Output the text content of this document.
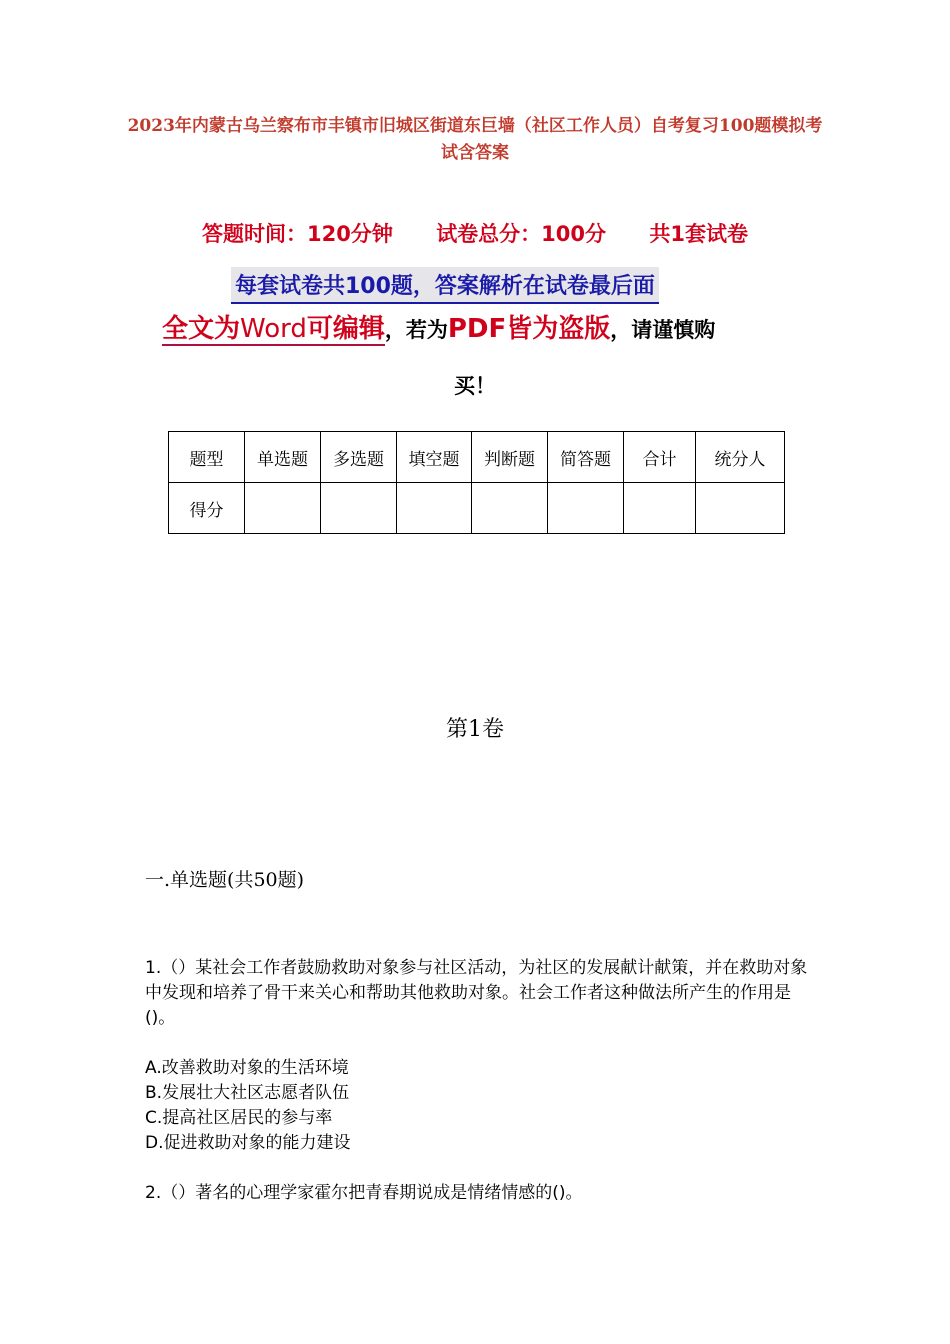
2023年内蒙古乌兰察布市丰镇市旧城区街道东巨墙（社区工作人员）自考复习100题模拟考试含答案
答题时间：120分钟 试卷总分：100分 共1套试卷
每套试卷共100题，答案解析在试卷最后面
全文为Word可编辑，若为PDF皆为盗版，请谨慎购
买！
题型	单选题	多选题	填空题	判断题	简答题	合计	统分人
得分							
第1卷
一.单选题(共50题)

1.（）某社会工作者鼓励救助对象参与社区活动，为社区的发展献计献策，并在救助对象中发现和培养了骨干来关心和帮助其他救助对象。社会工作者这种做法所产生的作用是()。

A.改善救助对象的生活环境

B.发展壮大社区志愿者队伍

C.提高社区居民的参与率

D.促进救助对象的能力建设

2.（）著名的心理学家霍尔把青春期说成是情绪情感的()。
